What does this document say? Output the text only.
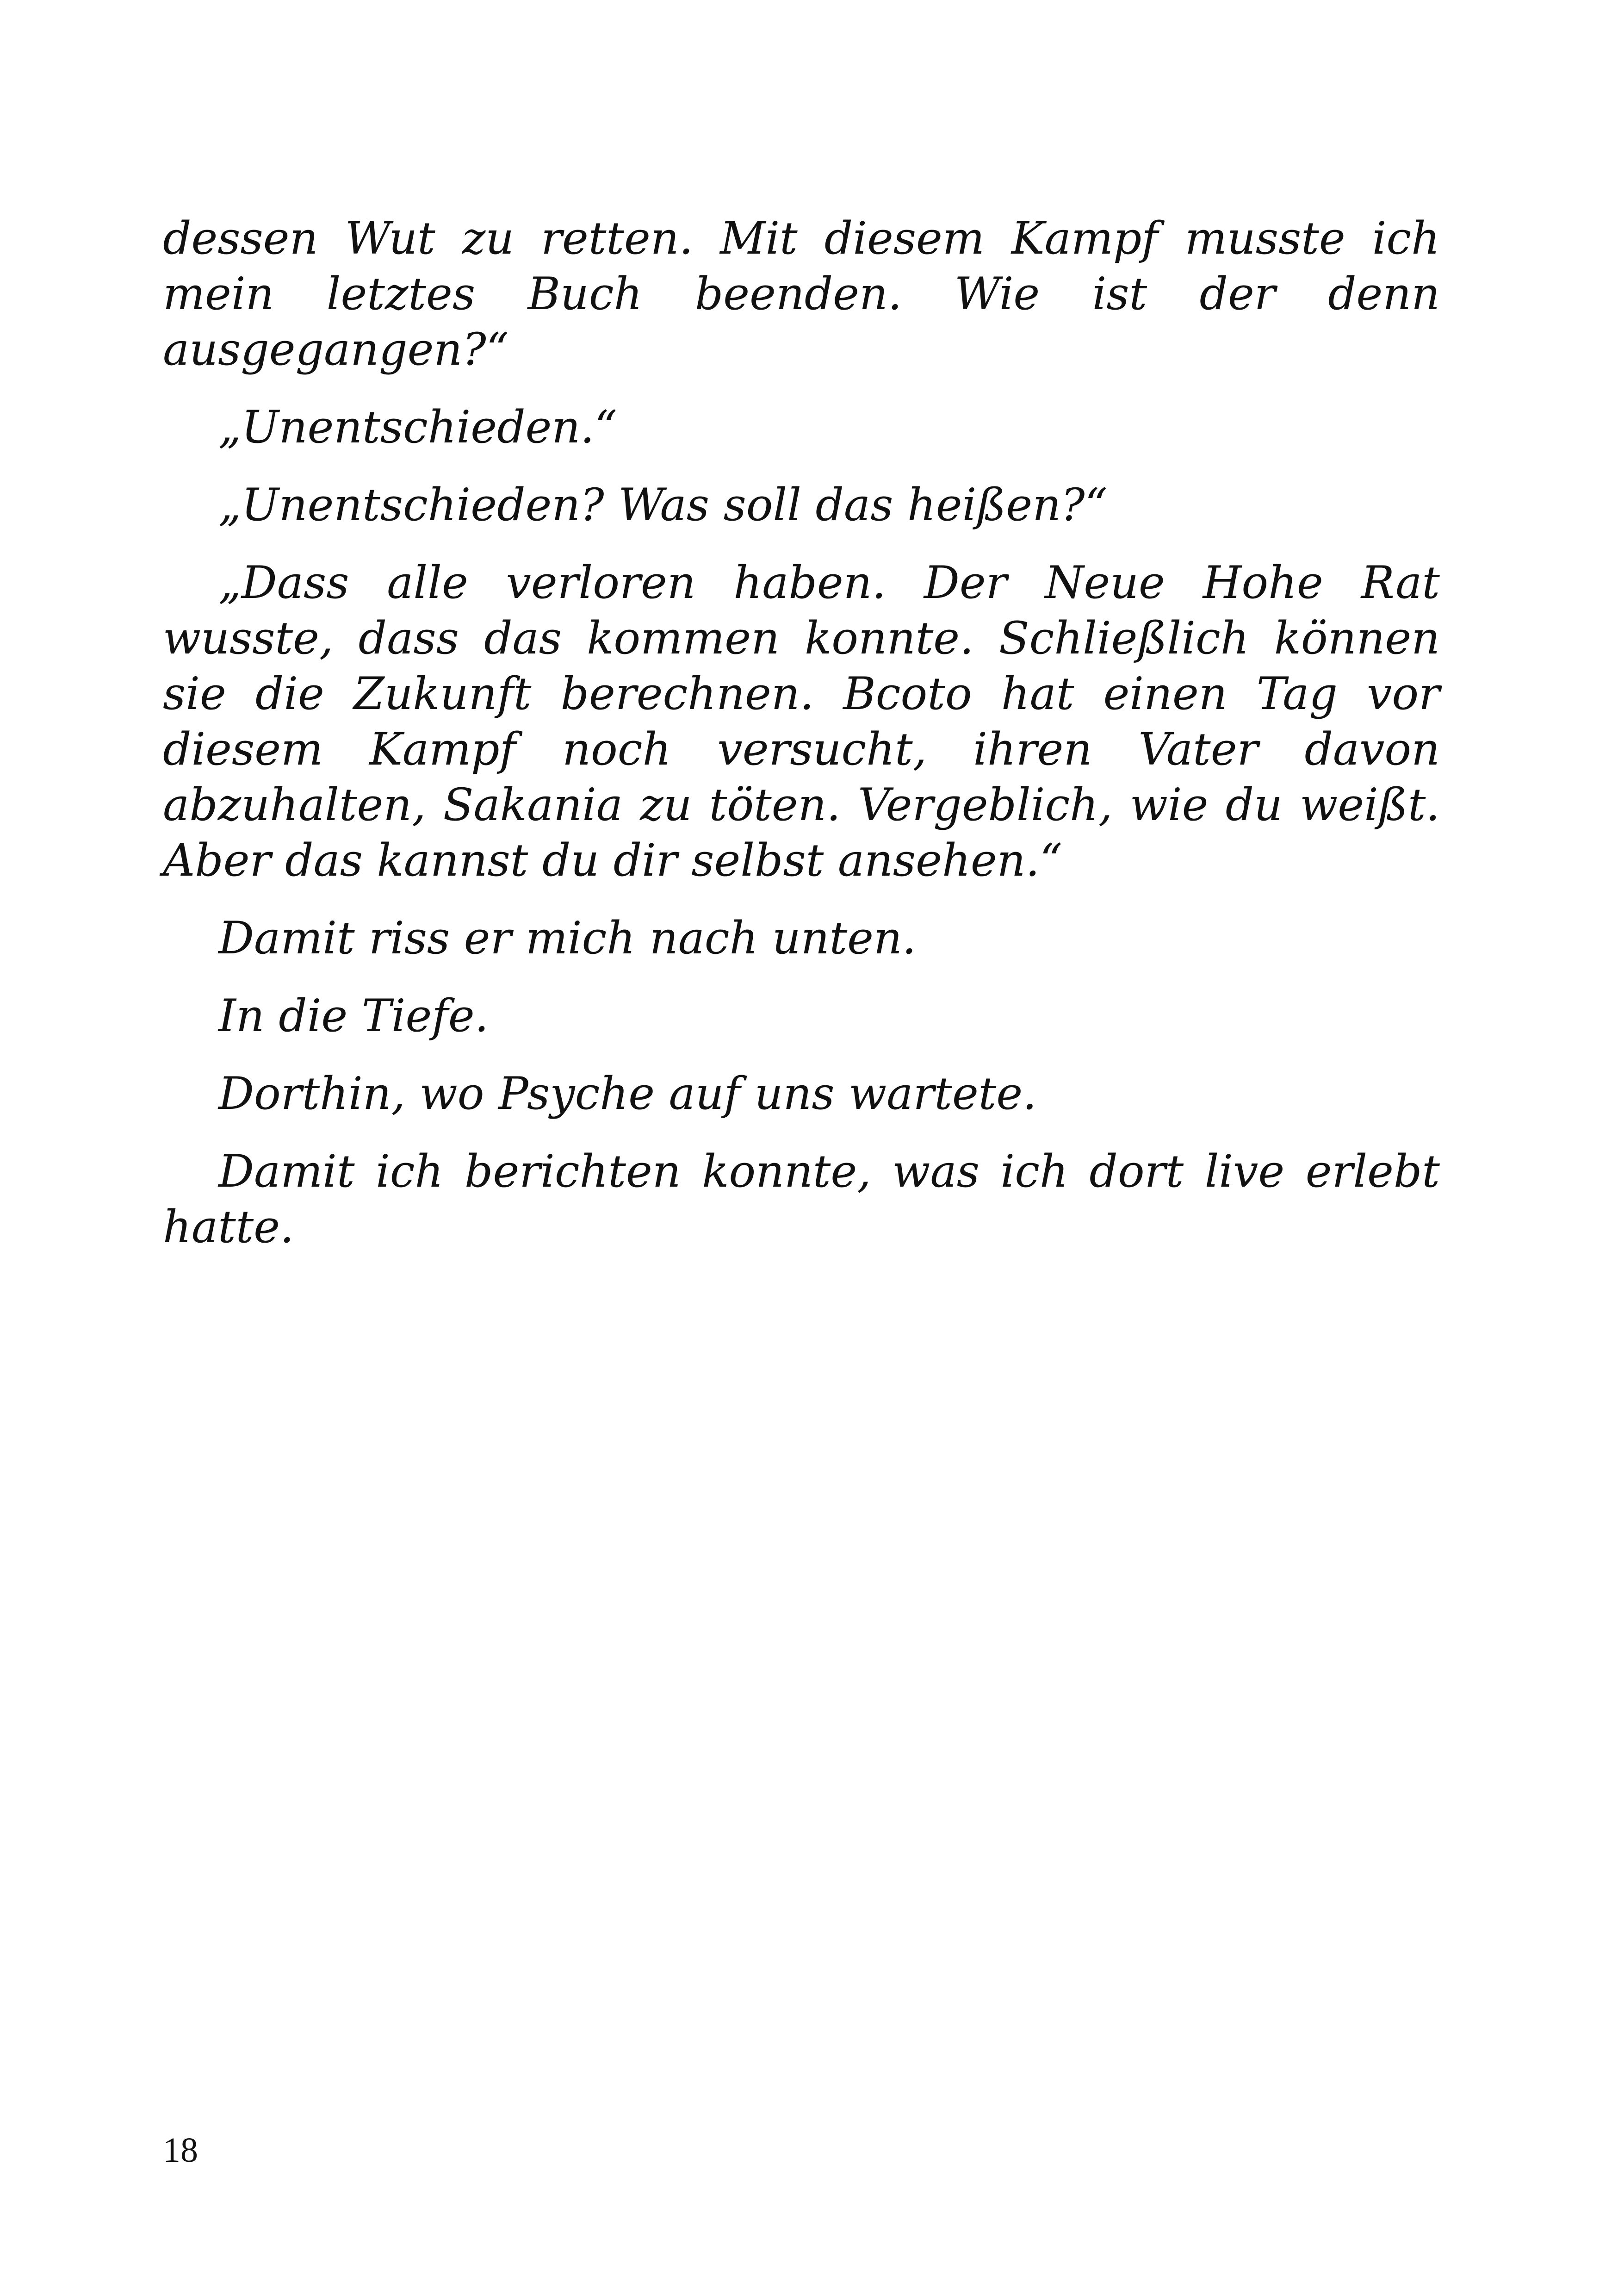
dessen Wut zu retten. Mit diesem Kampf musste ich mein letztes Buch beenden. Wie ist der denn ausgegangen?“

„Unentschieden.“

„Unentschieden? Was soll das heißen?“

„Dass alle verloren haben. Der Neue Hohe Rat wusste, dass das kommen konnte. Schließlich können sie die Zukunft berechnen. Bcoto hat einen Tag vor diesem Kampf noch versucht, ihren Vater davon abzuhalten, Sakania zu töten. Vergeblich, wie du weißt. Aber das kannst du dir selbst ansehen.“

Damit riss er mich nach unten.

In die Tiefe.

Dorthin, wo Psyche auf uns wartete.

Damit ich berichten konnte, was ich dort live erlebt hatte.

18
